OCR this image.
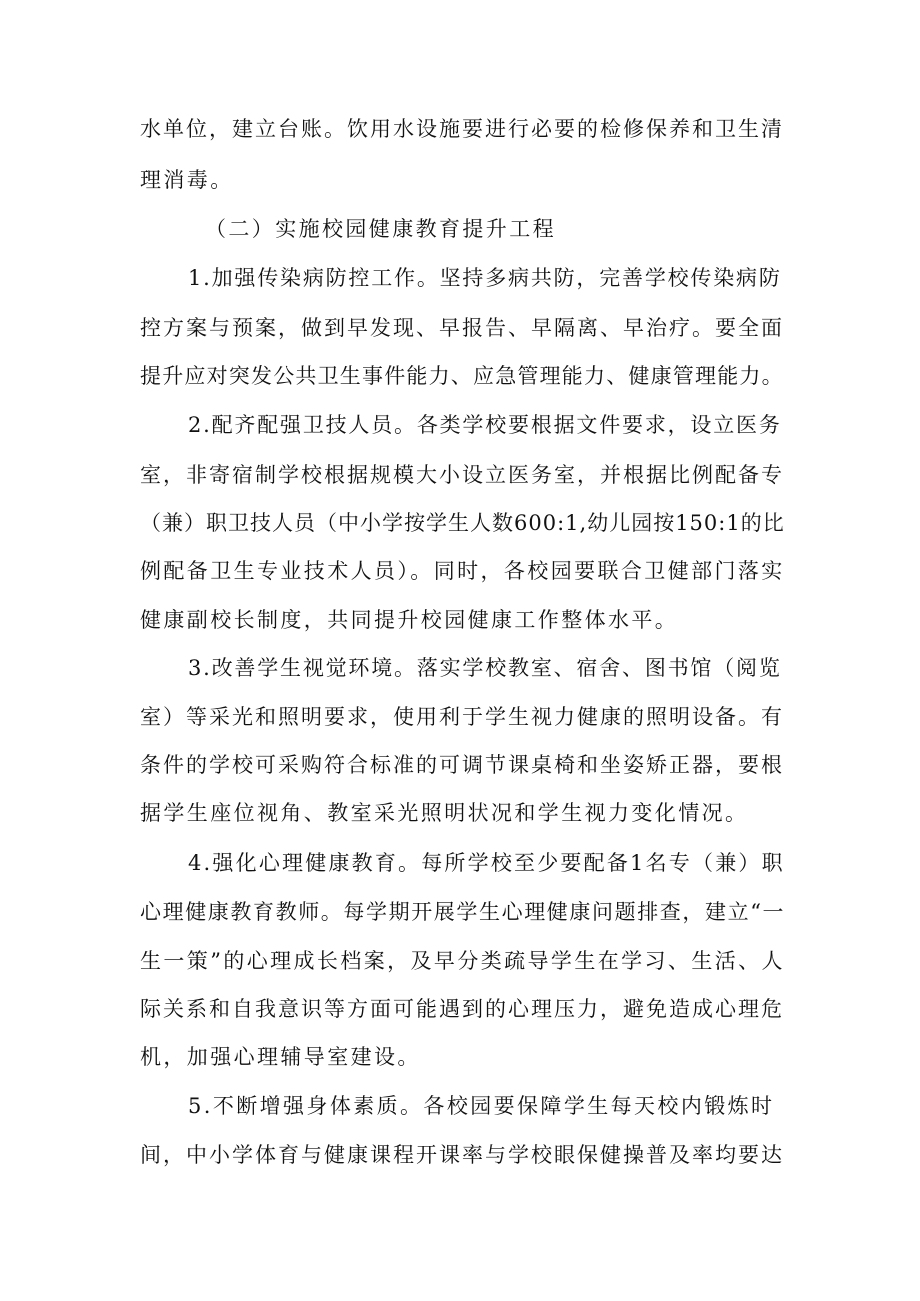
水单位，建立台账。饮用水设施要进行必要的检修保养和卫生清
理消毒。
（二）实施校园健康教育提升工程
1.加强传染病防控工作。坚持多病共防，完善学校传染病防
控方案与预案，做到早发现、早报告、早隔离、早治疗。要全面
提升应对突发公共卫生事件能力、应急管理能力、健康管理能力。
2.配齐配强卫技人员。各类学校要根据文件要求，设立医务
室，非寄宿制学校根据规模大小设立医务室，并根据比例配备专
（兼）职卫技人员（中小学按学生人数600:1,幼儿园按150:1的比
例配备卫生专业技术人员）。同时，各校园要联合卫健部门落实
健康副校长制度，共同提升校园健康工作整体水平。
3.改善学生视觉环境。落实学校教室、宿舍、图书馆（阅览
室）等采光和照明要求，使用利于学生视力健康的照明设备。有
条件的学校可采购符合标准的可调节课桌椅和坐姿矫正器，要根
据学生座位视角、教室采光照明状况和学生视力变化情况。
4.强化心理健康教育。每所学校至少要配备1名专（兼）职
心理健康教育教师。每学期开展学生心理健康问题排查，建立“一
生一策”的心理成长档案，及早分类疏导学生在学习、生活、人
际关系和自我意识等方面可能遇到的心理压力，避免造成心理危
机，加强心理辅导室建设。
5.不断增强身体素质。各校园要保障学生每天校内锻炼时
间，中小学体育与健康课程开课率与学校眼保健操普及率均要达
